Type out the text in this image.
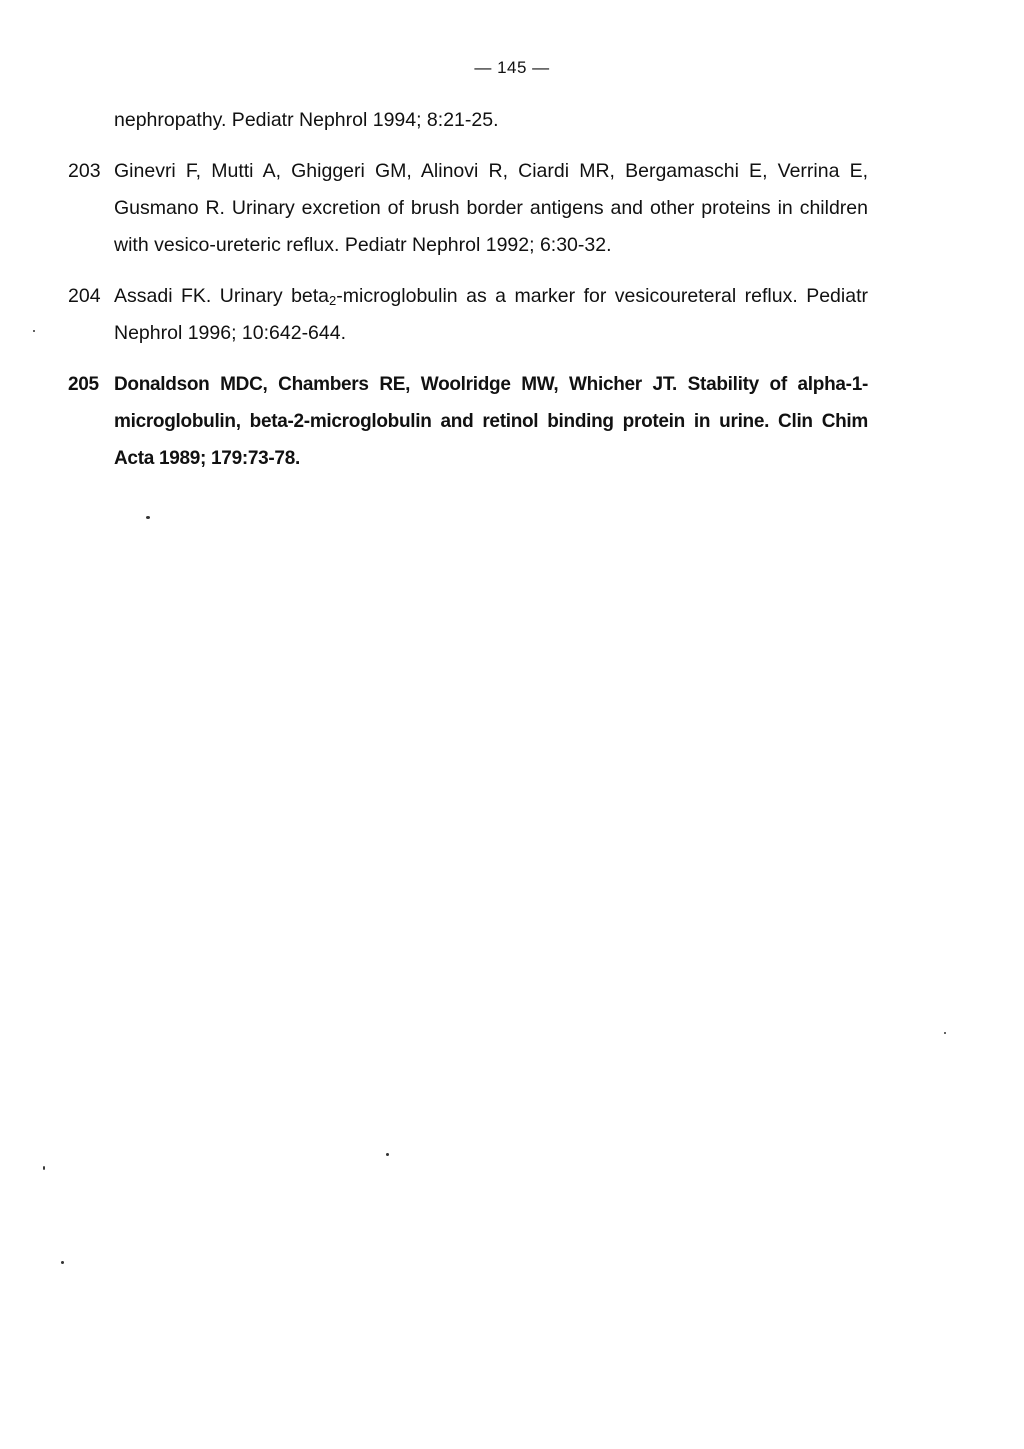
— 145 —
nephropathy. Pediatr Nephrol 1994; 8:21-25.
203 Ginevri F, Mutti A, Ghiggeri GM, Alinovi R, Ciardi MR, Bergamaschi E, Verrina E, Gusmano R. Urinary excretion of brush border antigens and other proteins in children with vesico-ureteric reflux. Pediatr Nephrol 1992; 6:30-32.
204 Assadi FK. Urinary beta$_2$-microglobulin as a marker for vesicoureteral reflux. Pediatr Nephrol 1996; 10:642-644.
205 Donaldson MDC, Chambers RE, Woolridge MW, Whicher JT. Stability of alpha-1-microglobulin, beta-2-microglobulin and retinol binding protein in urine. Clin Chim Acta 1989; 179:73-78.
